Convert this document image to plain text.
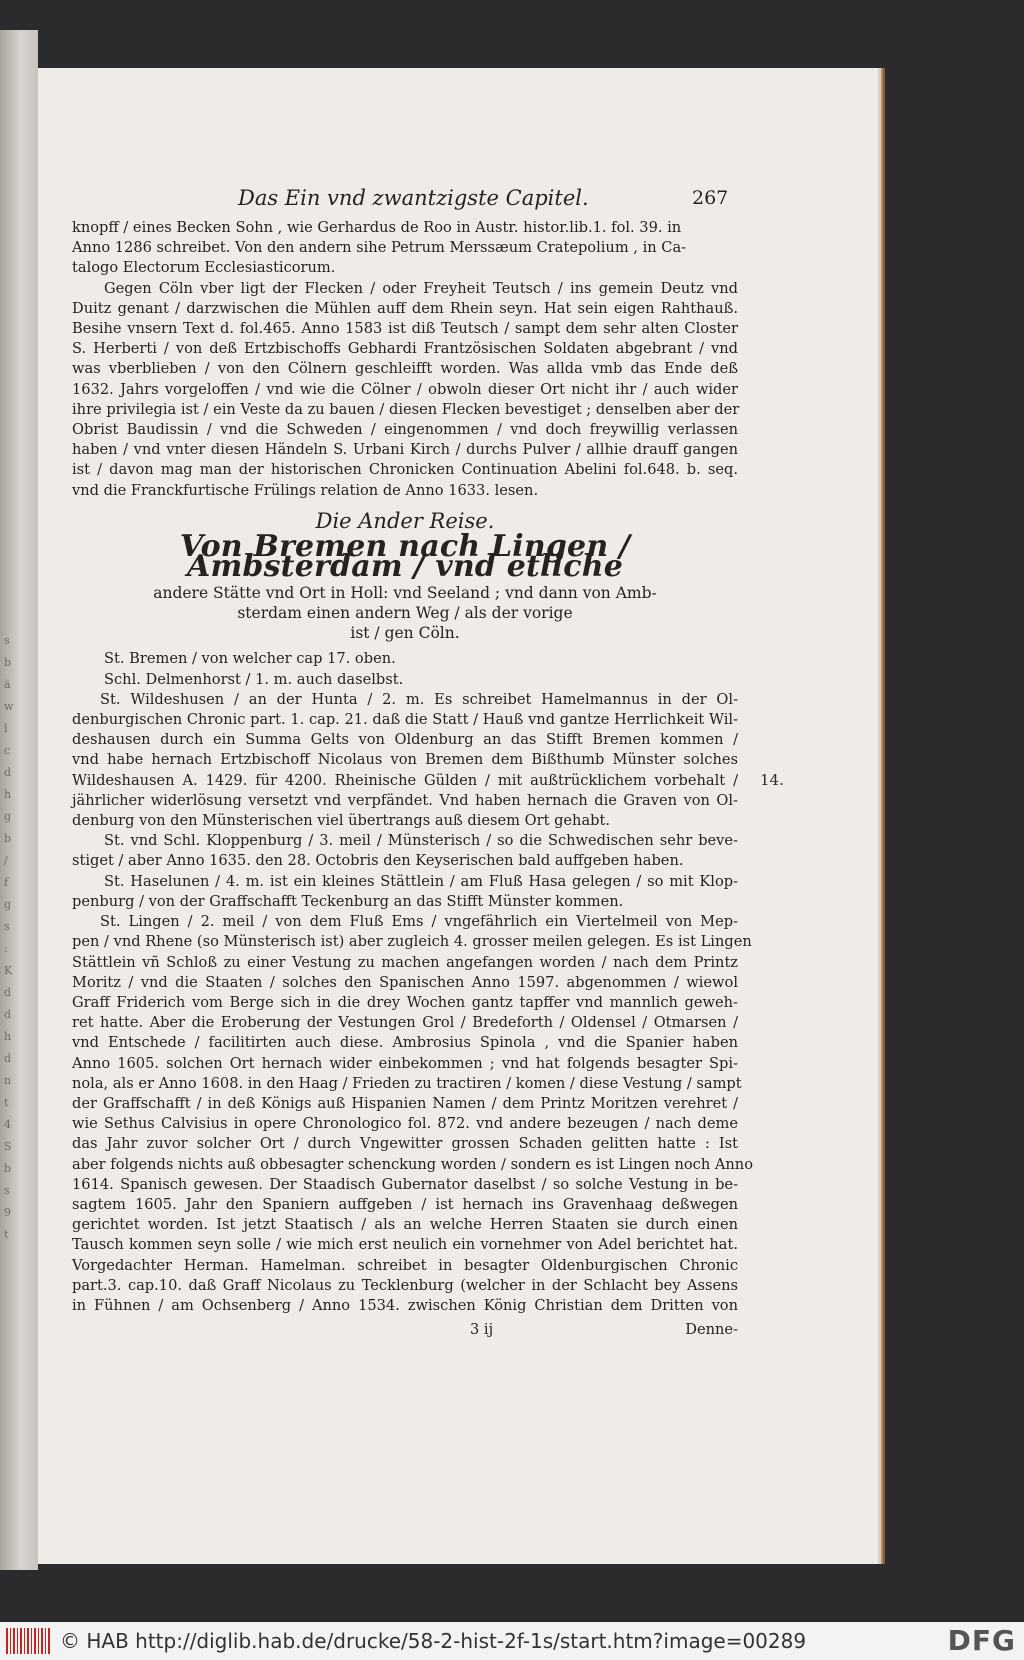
s
b
ä
w
l
c
d
h
g
b
/
f
g
s
:
K
d
d
h
d
n
t
4
S
b
s
9
t
Das Ein vnd zwantzigste Capitel.	267
knopff / eines Becken Sohn , wie Gerhardus de Roo in Austr. histor.lib.1. fol. 39. in
Anno 1286 schreibet. Von den andern sihe Petrum Merssæum Cratepolium , in Ca-
talogo Electorum Ecclesiasticorum.
Gegen Cöln vber ligt der Flecken / oder Freyheit Teutsch / ins gemein Deutz vnd
Duitz genant / darzwischen die Mühlen auff dem Rhein seyn. Hat sein eigen Rahthauß.
Besihe vnsern Text d. fol.465. Anno 1583 ist diß Teutsch / sampt dem sehr alten Closter
S. Herberti / von deß Ertzbischoffs Gebhardi Frantzösischen Soldaten abgebrant / vnd
was vberblieben / von den Cölnern geschleifft worden. Was allda vmb das Ende deß
1632. Jahrs vorgeloffen / vnd wie die Cölner / obwoln dieser Ort nicht ihr / auch wider
ihre privilegia ist / ein Veste da zu bauen / diesen Flecken bevestiget ; denselben aber der
Obrist Baudissin / vnd die Schweden / eingenommen / vnd doch freywillig verlassen
haben / vnd vnter diesen Händeln S. Urbani Kirch / durchs Pulver / allhie drauff gangen
ist / davon mag man der historischen Chronicken Continuation Abelini fol.648. b. seq.
vnd die Franckfurtische Frülings relation de Anno 1633. lesen.
Die Ander Reise.
Von Bremen nach Lingen / Ambsterdam / vnd etliche
andere Stätte vnd Ort in Holl: vnd Seeland ; vnd dann von Amb-
sterdam einen andern Weg / als der vorige
ist / gen Cöln.
St. Bremen / von welcher cap 17. oben.
Schl. Delmenhorst / 1. m. auch daselbst.
St. Wildeshusen / an der Hunta / 2. m. Es schreibet Hamelmannus in der Ol-
denburgischen Chronic part. 1. cap. 21. daß die Statt / Hauß vnd gantze Herrlichkeit Wil-
deshausen durch ein Summa Gelts von Oldenburg an das Stifft Bremen kommen /
vnd habe hernach Ertzbischoff Nicolaus von Bremen dem Bißthumb Münster solches
Wildeshausen A. 1429. für 4200. Rheinische Gülden / mit außtrücklichem vorbehalt /
jährlicher widerlösung versetzt vnd verpfändet. Vnd haben hernach die Graven von Ol-
denburg von den Münsterischen viel übertrangs auß diesem Ort gehabt.
St. vnd Schl. Kloppenburg / 3. meil / Münsterisch / so die Schwedischen sehr beve-
stiget / aber Anno 1635. den 28. Octobris den Keyserischen bald auffgeben haben.
St. Haselunen / 4. m. ist ein kleines Stättlein / am Fluß Hasa gelegen / so mit Klop-
penburg / von der Graffschafft Teckenburg an das Stifft Münster kommen.
St. Lingen / 2. meil / von dem Fluß Ems / vngefährlich ein Viertelmeil von Mep-
pen / vnd Rhene (so Münsterisch ist) aber zugleich 4. grosser meilen gelegen. Es ist Lingen
Stättlein vñ Schloß zu einer Vestung zu machen angefangen worden / nach dem Printz
Moritz / vnd die Staaten / solches den Spanischen Anno 1597. abgenommen / wiewol
Graff Friderich vom Berge sich in die drey Wochen gantz tapffer vnd mannlich geweh-
ret hatte. Aber die Eroberung der Vestungen Grol / Bredeforth / Oldensel / Otmarsen /
vnd Entschede / facilitirten auch diese. Ambrosius Spinola , vnd die Spanier haben
Anno 1605. solchen Ort hernach wider einbekommen ; vnd hat folgends besagter Spi-
nola, als er Anno 1608. in den Haag / Frieden zu tractiren / komen / diese Vestung / sampt
der Graffschafft / in deß Königs auß Hispanien Namen / dem Printz Moritzen verehret /
wie Sethus Calvisius in opere Chronologico fol. 872. vnd andere bezeugen / nach deme
das Jahr zuvor solcher Ort / durch Vngewitter grossen Schaden gelitten hatte : Ist
aber folgends nichts auß obbesagter schenckung worden / sondern es ist Lingen noch Anno
1614. Spanisch gewesen. Der Staadisch Gubernator daselbst / so solche Vestung in be-
sagtem 1605. Jahr den Spaniern auffgeben / ist hernach ins Gravenhaag deßwegen
gerichtet worden. Ist jetzt Staatisch / als an welche Herren Staaten sie durch einen
Tausch kommen seyn solle / wie mich erst neulich ein vornehmer von Adel berichtet hat.
Vorgedachter Herman. Hamelman. schreibet in besagter Oldenburgischen Chronic
part.3. cap.10. daß Graff Nicolaus zu Tecklenburg (welcher in der Schlacht bey Assens
in Fühnen / am Ochsenberg / Anno 1534. zwischen König Christian dem Dritten von
3 ij	Denne-
14.
© HAB http://diglib.hab.de/drucke/58-2-hist-2f-1s/start.htm?image=00289	DFG
